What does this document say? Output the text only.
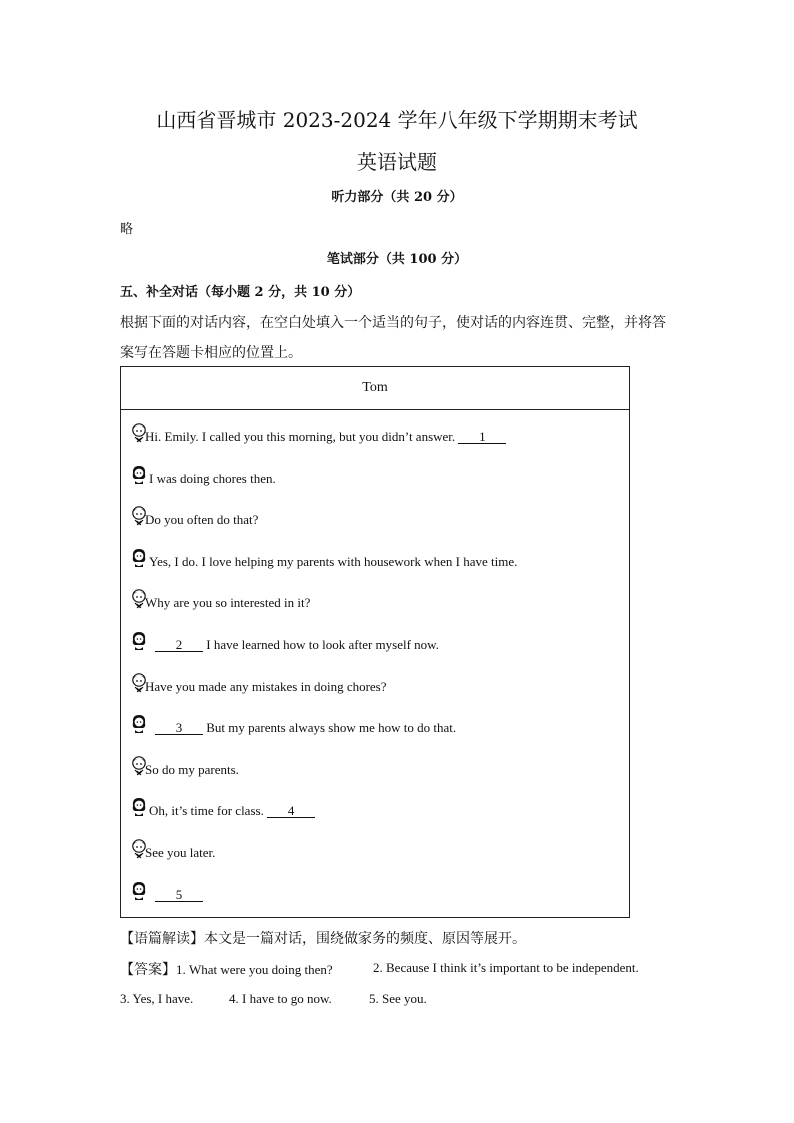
山西省晋城市 2023-2024 学年八年级下学期期末考试
英语试题
听力部分（共 20 分）
略
笔试部分（共 100 分）
五、补全对话（每小题 2 分，共 10 分）
根据下面的对话内容，在空白处填入一个适当的句子，使对话的内容连贯、完整，并将答
案写在答题卡相应的位置上。
Tom
Hi. Emily. I called you this morning, but you didn’t answer. 1
I was doing chores then.
Do you often do that?
Yes, I do. I love helping my parents with housework when I have time.
Why are you so interested in it?
2 I have learned how to look after myself now.
Have you made any mistakes in doing chores?
3 But my parents always show me how to do that.
So do my parents.
Oh, it’s time for class. 4
See you later.
5
【语篇解读】本文是一篇对话，围绕做家务的频度、原因等展开。
【答案】1. What were you doing then?	2. Because I think it’s important to be independent.
3. Yes, I have.	4. I have to go now.	5. See you.
